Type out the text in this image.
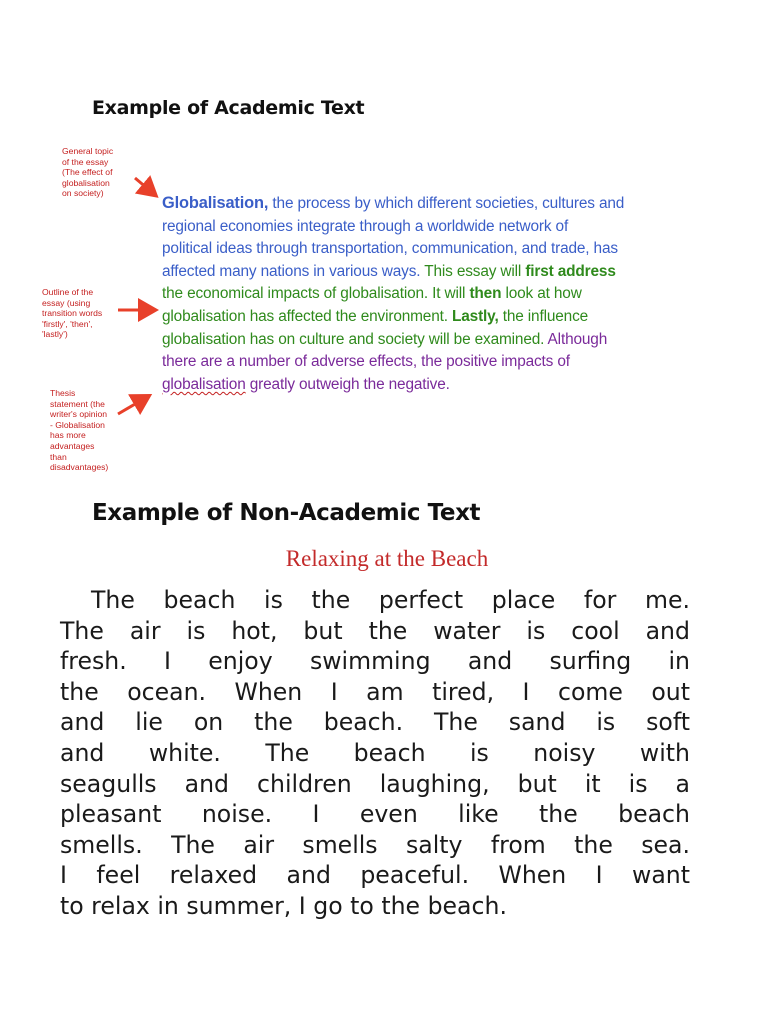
Example of Academic Text
General topic
of the essay
(The effect of
globalisation
on society)
Outline of the
essay (using
transition words
'firstly', 'then',
'lastly')
Thesis
statement (the
writer's opinion
- Globalisation
has more
advantages
than
disadvantages)
Globalisation, the process by which different societies, cultures and
regional economies integrate through a worldwide network of
political ideas through transportation, communication, and trade, has
affected many nations in various ways. This essay will first address
the economical impacts of globalisation. It will then look at how
globalisation has affected the environment. Lastly, the influence
globalisation has on culture and society will be examined. Although
there are a number of adverse effects, the positive impacts of
globalisation greatly outweigh the negative.
Example of Non-Academic Text
Relaxing at the Beach
The beach is the perfect place for me.
The air is hot, but the water is cool and
fresh. I enjoy swimming and surfing in
the ocean. When I am tired, I come out
and lie on the beach. The sand is soft
and white. The beach is noisy with
seagulls and children laughing, but it is a
pleasant noise. I even like the beach
smells. The air smells salty from the sea.
I feel relaxed and peaceful. When I want
to relax in summer, I go to the beach.
